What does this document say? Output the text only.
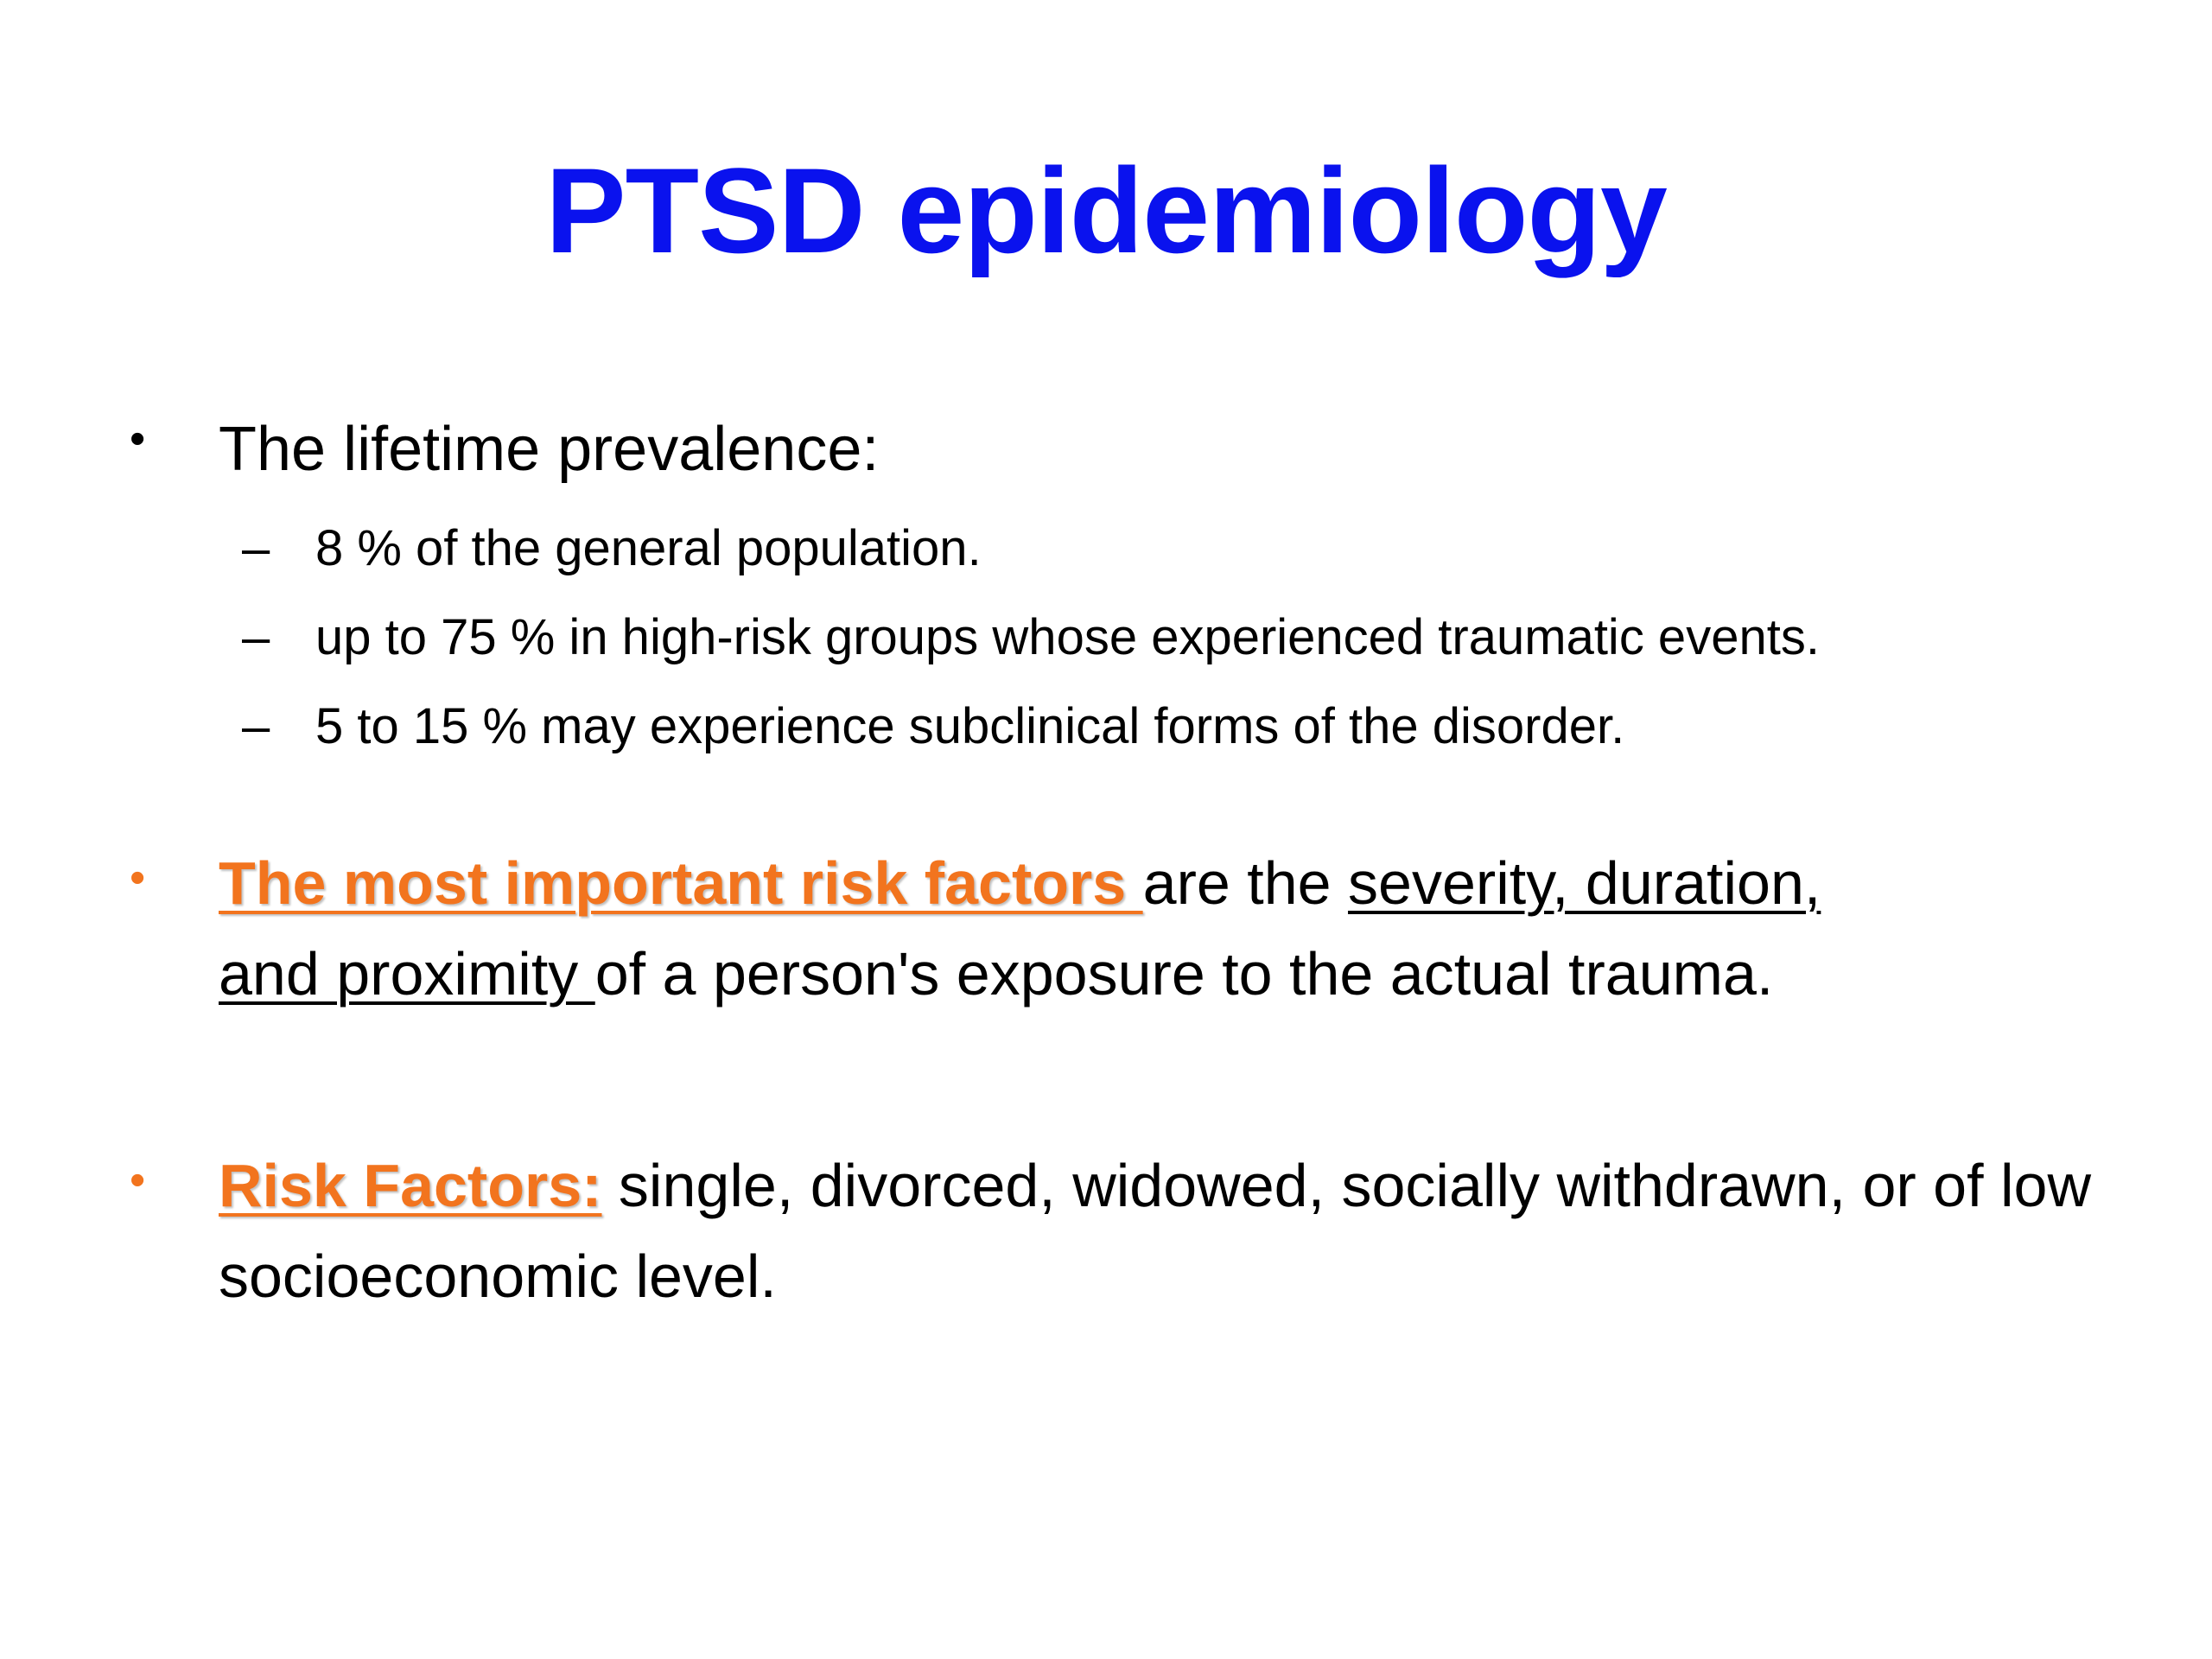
PTSD epidemiology
• The lifetime prevalence:
– 8 % of the general population.
– up to 75 % in high-risk groups whose experienced traumatic events.
– 5 to 15 % may experience subclinical forms of the disorder.
• The most important risk factors are the severity, duration,
and proximity of a person's exposure to the actual trauma.
• Risk Factors: single, divorced, widowed, socially withdrawn, or of low socioeconomic level.
